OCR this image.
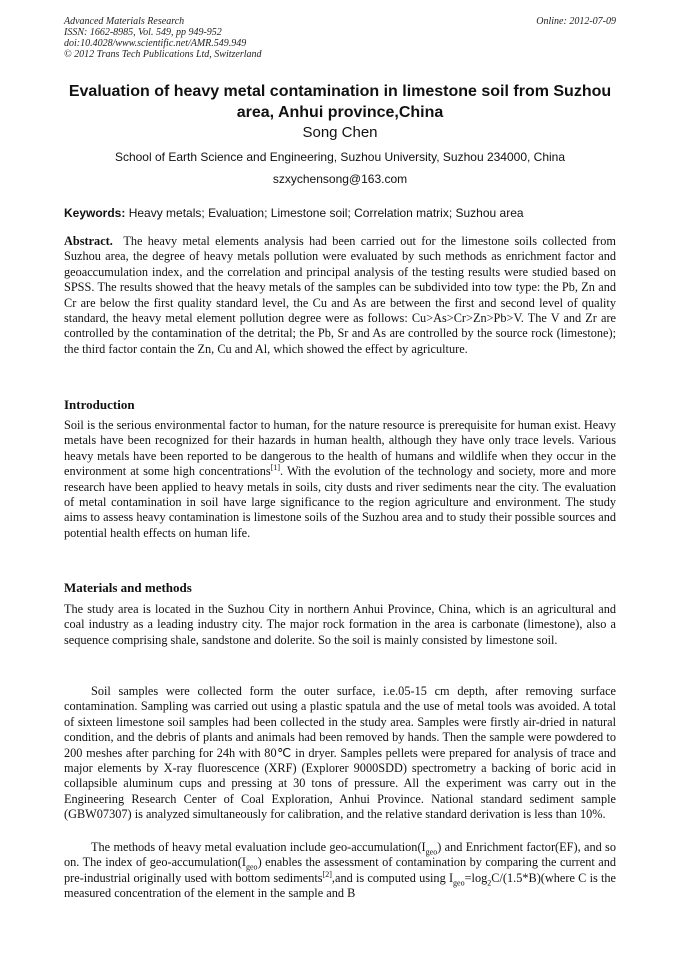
Advanced Materials Research
ISSN: 1662-8985, Vol. 549, pp 949-952
doi:10.4028/www.scientific.net/AMR.549.949
© 2012 Trans Tech Publications Ltd, Switzerland
Online: 2012-07-09
Evaluation of heavy metal contamination in limestone soil from Suzhou
area, Anhui province,China
Song Chen
School of Earth Science and Engineering, Suzhou University, Suzhou 234000, China
szxychensong@163.com
Keywords: Heavy metals; Evaluation; Limestone soil; Correlation matrix; Suzhou area
Abstract. The heavy metal elements analysis had been carried out for the limestone soils collected from Suzhou area, the degree of heavy metals pollution were evaluated by such methods as enrichment factor and geoaccumulation index, and the correlation and principal analysis of the testing results were studied based on SPSS. The results showed that the heavy metals of the samples can be subdivided into tow type: the Pb, Zn and Cr are below the first quality standard level, the Cu and As are between the first and second level of quality standard, the heavy metal element pollution degree were as follows: Cu>As>Cr>Zn>Pb>V. The V and Zr are controlled by the contamination of the detrital; the Pb, Sr and As are controlled by the source rock (limestone); the third factor contain the Zn, Cu and Al, which showed the effect by agriculture.
Introduction
Soil is the serious environmental factor to human, for the nature resource is prerequisite for human exist. Heavy metals have been recognized for their hazards in human health, although they have only trace levels. Various heavy metals have been reported to be dangerous to the health of humans and wildlife when they occur in the environment at some high concentrations[1]. With the evolution of the technology and society, more and more research have been applied to heavy metals in soils, city dusts and river sediments near the city. The evaluation of metal contamination in soil have large significance to the region agriculture and environment. The study aims to assess heavy contamination is limestone soils of the Suzhou area and to study their possible sources and potential health effects on human life.
Materials and methods
The study area is located in the Suzhou City in northern Anhui Province, China, which is an agricultural and coal industry as a leading industry city. The major rock formation in the area is carbonate (limestone), also a sequence comprising shale, sandstone and dolerite. So the soil is mainly consisted by limestone soil.
Soil samples were collected form the outer surface, i.e.05-15 cm depth, after removing surface contamination. Sampling was carried out using a plastic spatula and the use of metal tools was avoided. A total of sixteen limestone soil samples had been collected in the study area. Samples were firstly air-dried in natural condition, and the debris of plants and animals had been removed by hands. Then the sample were powdered to 200 meshes after parching for 24h with 80℃ in dryer. Samples pellets were prepared for analysis of trace and major elements by X-ray fluorescence (XRF) (Explorer 9000SDD) spectrometry a backing of boric acid in collapsible aluminum cups and pressing at 30 tons of pressure. All the experiment was carry out in the Engineering Research Center of Coal Exploration, Anhui Province. National standard sediment sample (GBW07307) is analyzed simultaneously for calibration, and the relative standard derivation is less than 10%.
The methods of heavy metal evaluation include geo-$accumulation(I_{geo})$ and Enrichment factor(EF), and so on. The index of geo-$accumulation(I_{geo})$ enables the assessment of contamination by comparing the current and pre-industrial originally used with bottom sediments[2],and is computed using $I_{geo}=\log_2C/(1.5*B)(where$ C is the measured concentration of the element in the sample and B
